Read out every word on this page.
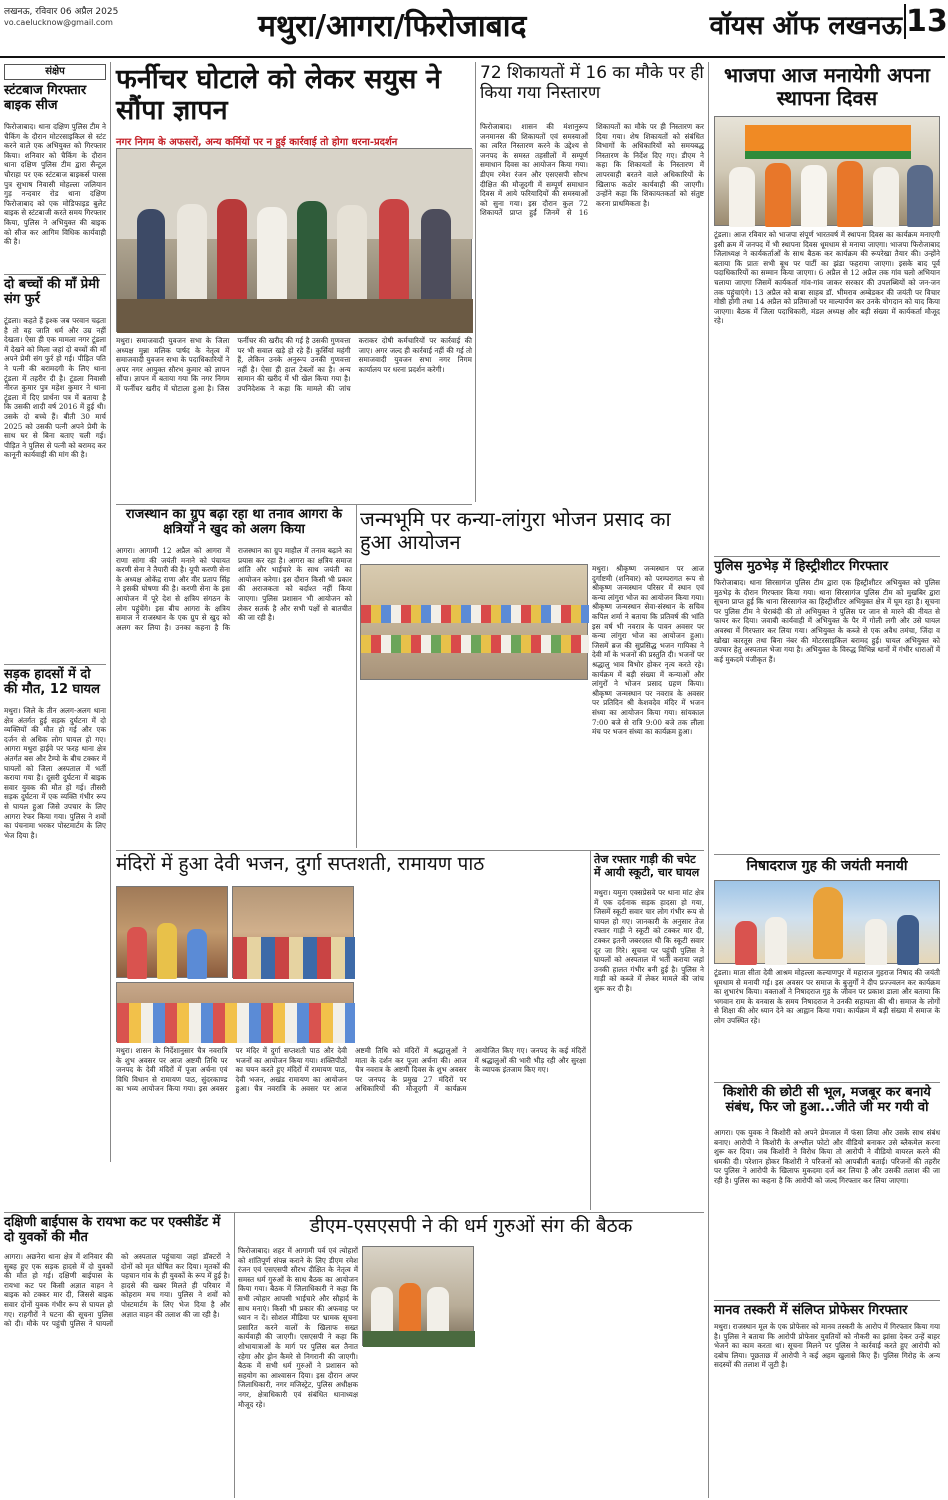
लखनऊ, रविवार 06 अप्रैल 2025
vo.caelucknow@gmail.com	मथुरा/आगरा/फिरोजाबाद	वॉयस ऑफ लखनऊ 13
संक्षेप
स्टंटबाज गिरफ्तार बाइक सीज
फिरोजाबाद। थाना दक्षिण पुलिस टीम ने चैकिंग के दौरान मोटरसाइकिल से स्टंट करने वाले एक अभियुक्त को गिरफ्तार किया। शनिवार को चैकिंग के दौरान थाना दक्षिण पुलिस टीम द्वारा सैन्टूल चौराहा पर एक स्टंटबाज बाइकर्स पारस पुत्र सुभाष निवासी मोहल्ला जलियान गुड़ नन्दवार रोड थाना दक्षिण फिरोजाबाद को एक मोडिफाइड बुलेट बाइक से स्टंटबाजी करते समय गिरफ्तार किया, पुलिस ने अभियुक्त की बाइक को सीज कर आगिम विधिक कार्यवाही की है।
दो बच्चों की माँ प्रेमी संग फुर्र
टूंडला। कहते हैं इश्क जब परवान चढ़ता है तो वह जाति धर्म और उम्र नहीं देखता। ऐसा ही एक मामला नगर टूंडला में देखने को मिला जहां दो बच्चों की माँ अपने प्रेमी संग फुर्र हो गई। पीड़ित पति ने पत्नी की बरामदगी के लिए थाना टूंडला में तहरीर दी है। टूंडला निवासी नीरज कुमार पुत्र महेश कुमार ने थाना टूंडला में दिए प्रार्थना पत्र में बताया है कि उसकी शादी वर्ष 2016 में हुई थी। उसके दो बच्चे हैं। बीती 30 मार्च 2025 को उसकी पत्नी अपने प्रेमी के साथ घर से बिना बताए चली गई। पीड़ित ने पुलिस से पत्नी को बरामद कर कानूनी कार्यवाही की मांग की है।
सड़क हादसों में दो की मौत, 12 घायल
मथुरा। जिले के तीन अलग-अलग थाना क्षेत्र अंतर्गत हुई सड़क दुर्घटना में दो व्यक्तियों की मौत हो गई और एक दर्जन से अधिक लोग घायल हो गए। आगरा मथुरा हाईवे पर फरह थाना क्षेत्र अंतर्गत बस और टैम्पो के बीच टक्कर में घायलों को जिला अस्पताल में भर्ती कराया गया है। दूसरी दुर्घटना में बाइक सवार युवक की मौत हो गई। तीसरी सड़क दुर्घटना में एक व्यक्ति गंभीर रूप से घायल हुआ जिसे उपचार के लिए आगरा रेफर किया गया। पुलिस ने शवों का पंचनामा भरकर पोस्टमार्टम के लिए भेज दिया है।
फर्नीचर घोटाले को लेकर सयुस ने सौंपा ज्ञापन
नगर निगम के अफसरों, अन्य कर्मियों पर न हुई कार्रवाई तो होगा धरना-प्रदर्शन
मथुरा। समाजवादी युवजन सभा के जिला अध्यक्ष मुन्ना मलिक पार्षद के नेतृत्व में समाजवादी युवजन सभा के पदाधिकारियों ने अपर नगर आयुक्त सौरभ कुमार को ज्ञापन सौंपा। ज्ञापन में बताया गया कि नगर निगम में फर्नीचर खरीद में घोटाला हुआ है। जिस फर्नीचर की खरीद की गई है उसकी गुणवत्ता पर भी सवाल खड़े हो रहे हैं। कुर्सियां महंगी हैं, लेकिन उनके अनुरूप उनकी गुणवत्ता नहीं है। ऐसा ही हाल टेबलों का है। अन्य सामान की खरीद में भी खेल किया गया है। उपनिदेशक ने कहा कि मामले की जांच कराकर दोषी कर्मचारियों पर कार्रवाई की जाए। अगर जल्द ही कार्रवाई नहीं की गई तो समाजवादी युवजन सभा नगर निगम कार्यालय पर धरना प्रदर्शन करेगी।
72 शिकायतों में 16 का मौके पर ही किया गया निस्तारण
फिरोजाबाद। शासन की मंशानुरूप जनमानस की शिकायतों एवं समस्याओं का त्वरित निस्तारण करने के उद्देश्य से जनपद के समस्त तहसीलों में सम्पूर्ण समाधान दिवस का आयोजन किया गया। डीएम रमेश रंजन और एसएसपी सौरभ दीक्षित की मौजूदगी में सम्पूर्ण समाधान दिवस में आये फरियादियों की समस्याओं को सुना गया। इस दौरान कुल 72 शिकायतें प्राप्त हुईं जिनमें से 16 शिकायतों का मौके पर ही निस्तारण कर दिया गया। शेष शिकायतों को संबंधित विभागों के अधिकारियों को समयबद्ध निस्तारण के निर्देश दिए गए। डीएम ने कहा कि शिकायतों के निस्तारण में लापरवाही बरतने वाले अधिकारियों के खिलाफ कठोर कार्यवाही की जाएगी। उन्होंने कहा कि शिकायतकर्ता को संतुष्ट करना प्राथमिकता है।
भाजपा आज मनायेगी अपना स्थापना दिवस
टूंडला। आज रविवार को भाजपा संपूर्ण भारतवर्ष में स्थापना दिवस का कार्यक्रम मनाएगी इसी क्रम में जनपद में भी स्थापना दिवस धूमधाम से मनाया जाएगा। भाजपा फिरोजाबाद जिलाध्यक्ष ने कार्यकर्ताओं के साथ बैठक कर कार्यक्रम की रूपरेखा तैयार की। उन्होंने बताया कि प्रातः सभी बूथ पर पार्टी का झंडा फहराया जाएगा। इसके बाद पूर्व पदाधिकारियों का सम्मान किया जाएगा। 6 अप्रैल से 12 अप्रैल तक गांव चलो अभियान चलाया जाएगा जिसमें कार्यकर्ता गांव-गांव जाकर सरकार की उपलब्धियों को जन-जन तक पहुंचाएंगे। 13 अप्रैल को बाबा साहब डॉ. भीमराव अम्बेडकर की जयंती पर विचार गोष्ठी होगी तथा 14 अप्रैल को प्रतिमाओं पर माल्यार्पण कर उनके योगदान को याद किया जाएगा। बैठक में जिला पदाधिकारी, मंडल अध्यक्ष और बड़ी संख्या में कार्यकर्ता मौजूद रहे।
पुलिस मुठभेड़ में हिस्ट्रीशीटर गिरफ्तार
फिरोजाबाद। थाना सिरसागंज पुलिस टीम द्वारा एक हिस्ट्रीशीटर अभियुक्त को पुलिस मुठभेड़ के दौरान गिरफ्तार किया गया। थाना सिरसागंज पुलिस टीम को मुखबिर द्वारा सूचना प्राप्त हुई कि थाना सिरसागंज का हिस्ट्रीशीटर अभियुक्त क्षेत्र में घूम रहा है। सूचना पर पुलिस टीम ने घेराबंदी की तो अभियुक्त ने पुलिस पर जान से मारने की नीयत से फायर कर दिया। जवाबी कार्यवाही में अभियुक्त के पैर में गोली लगी और उसे घायल अवस्था में गिरफ्तार कर लिया गया। अभियुक्त के कब्जे से एक अवैध तमंचा, जिंदा व खोखा कारतूस तथा बिना नंबर की मोटरसाइकिल बरामद हुई। घायल अभियुक्त को उपचार हेतु अस्पताल भेजा गया है। अभियुक्त के विरुद्ध विभिन्न थानों में गंभीर धाराओं में कई मुकदमे पंजीकृत हैं।
निषादराज गुह की जयंती मनायी
टूंडला। माता सीता देवी आश्रम मोहल्ला कल्याणपुर में महाराज गुहराज निषाद की जयंती धूमधाम से मनायी गई। इस अवसर पर समाज के बुजुर्गों ने दीप प्रज्ज्वलन कर कार्यक्रम का शुभारंभ किया। वक्ताओं ने निषादराज गुह के जीवन पर प्रकाश डाला और बताया कि भगवान राम के वनवास के समय निषादराज ने उनकी सहायता की थी। समाज के लोगों से शिक्षा की ओर ध्यान देने का आह्वान किया गया। कार्यक्रम में बड़ी संख्या में समाज के लोग उपस्थित रहे।
किशोरी की छोटी सी भूल, मजबूर कर बनाये संबंध, फिर जो हुआ...जीते जी मर गयी वो
आगरा। एक युवक ने किशोरी को अपने प्रेमजाल में फंसा लिया और उसके साथ संबंध बनाए। आरोपी ने किशोरी के अश्लील फोटो और वीडियो बनाकर उसे ब्लैकमेल करना शुरू कर दिया। जब किशोरी ने विरोध किया तो आरोपी ने वीडियो वायरल करने की धमकी दी। परेशान होकर किशोरी ने परिजनों को आपबीती बताई। परिजनों की तहरीर पर पुलिस ने आरोपी के खिलाफ मुकदमा दर्ज कर लिया है और उसकी तलाश की जा रही है। पुलिस का कहना है कि आरोपी को जल्द गिरफ्तार कर लिया जाएगा।
मानव तस्करी में संलिप्त प्रोफेसर गिरफ्तार
मथुरा। राजस्थान मूल के एक प्रोफेसर को मानव तस्करी के आरोप में गिरफ्तार किया गया है। पुलिस ने बताया कि आरोपी प्रोफेसर युवतियों को नौकरी का झांसा देकर उन्हें बाहर भेजने का काम करता था। सूचना मिलने पर पुलिस ने कार्रवाई करते हुए आरोपी को दबोच लिया। पूछताछ में आरोपी ने कई अहम खुलासे किए हैं। पुलिस गिरोह के अन्य सदस्यों की तलाश में जुटी है।
राजस्थान का ग्रुप बढ़ा रहा था तनाव आगरा के क्षत्रियों ने खुद को अलग किया
आगरा। आगामी 12 अप्रैल को आगरा में राणा सांगा की जयंती मनाने को पंचायत करणी सेना ने तैयारी की है। यूपी करणी सेना के अध्यक्ष ओकेंद्र राणा और वीर प्रताप सिंह ने इसकी घोषणा की है। करणी सेना के इस आयोजन में पूरे देश से क्षत्रिय संगठन के लोग पहुंचेंगे। इस बीच आगरा के क्षत्रिय समाज ने राजस्थान के एक ग्रुप से खुद को अलग कर लिया है। उनका कहना है कि राजस्थान का ग्रुप माहौल में तनाव बढ़ाने का प्रयास कर रहा है। आगरा का क्षत्रिय समाज शांति और भाईचारे के साथ जयंती का आयोजन करेगा। इस दौरान किसी भी प्रकार की अराजकता को बर्दाश्त नहीं किया जाएगा। पुलिस प्रशासन भी आयोजन को लेकर सतर्क है और सभी पक्षों से बातचीत की जा रही है।
जन्मभूमि पर कन्या-लांगुरा भोजन प्रसाद का हुआ आयोजन
मथुरा। श्रीकृष्ण जन्मस्थान पर आज दुर्गाष्टमी (शनिवार) को परम्परागत रूप से श्रीकृष्ण जन्मस्थान परिसर में स्थान एवं कन्या लांगुरा भोज का आयोजन किया गया। श्रीकृष्ण जन्मस्थान सेवा-संस्थान के सचिव कपिल शर्मा ने बताया कि प्रतिवर्ष की भांति इस वर्ष भी नवरात्र के पावन अवसर पर कन्या लांगुरा भोज का आयोजन हुआ। जिसमें ब्रज की सुप्रसिद्ध भजन गायिका ने देवी माँ के भजनों की प्रस्तुति दी। भजनों पर श्रद्धालु भाव विभोर होकर नृत्य करते रहे। कार्यक्रम में बड़ी संख्या में कन्याओं और लांगुरों ने भोजन प्रसाद ग्रहण किया। श्रीकृष्ण जन्मस्थान पर नवरात्र के अवसर पर प्रतिदिन श्री केशवदेव मंदिर में भजन संध्या का आयोजन किया गया। सांयकाल 7:00 बजे से रात्रि 9:00 बजे तक लीला मंच पर भजन संध्या का कार्यक्रम हुआ।
मंदिरों में हुआ देवी भजन, दुर्गा सप्तशती, रामायण पाठ
मथुरा। शासन के निर्देशानुसार चैत्र नवरात्रि के शुभ अवसर पर आज अष्टमी तिथि पर जनपद के देवी मंदिरों में पूजा अर्चना एवं विधि विधान से रामायण पाठ, सुंदरकाण्ड का भव्य आयोजन किया गया। इस अवसर पर मंदिर में दुर्गा सप्तशती पाठ और देवी भजनों का आयोजन किया गया। शक्तिपीठों का चयन करते हुए मंदिरों में रामायण पाठ, देवी भजन, अखंड रामायण का आयोजन हुआ। चैत्र नवरात्रि के अवसर पर आज अष्टमी तिथि को मंदिरों में श्रद्धालुओं ने माता के दर्शन कर पूजा अर्चना की। आज चैत्र नवरात्र के अष्टमी दिवस के शुभ अवसर पर जनपद के प्रमुख 27 मंदिरों पर अधिकारियों की मौजूदगी में कार्यक्रम आयोजित किए गए। जनपद के कई मंदिरों में श्रद्धालुओं की भारी भीड़ रही और सुरक्षा के व्यापक इंतजाम किए गए।
तेज रफ्तार गाड़ी की चपेट में आयी स्कूटी, चार घायल
मथुरा। यमुना एक्सप्रेसवे पर थाना मांट क्षेत्र में एक दर्दनाक सड़क हादसा हो गया, जिसमें स्कूटी सवार चार लोग गंभीर रूप से घायल हो गए। जानकारी के अनुसार तेज रफ्तार गाड़ी ने स्कूटी को टक्कर मार दी, टक्कर इतनी जबरदस्त थी कि स्कूटी सवार दूर जा गिरे। सूचना पर पहुंची पुलिस ने घायलों को अस्पताल में भर्ती कराया जहां उनकी हालत गंभीर बनी हुई है। पुलिस ने गाड़ी को कब्जे में लेकर मामले की जांच शुरू कर दी है।
दक्षिणी बाईपास के रायभा कट पर एक्सीडेंट में दो युवकों की मौत
आगरा। अछनेरा थाना क्षेत्र में शनिवार की सुबह हुए एक सड़क हादसे में दो युवकों की मौत हो गई। दक्षिणी बाईपास के रायभा कट पर किसी अज्ञात वाहन ने बाइक को टक्कर मार दी, जिससे बाइक सवार दोनों युवक गंभीर रूप से घायल हो गए। राहगीरों ने घटना की सूचना पुलिस को दी। मौके पर पहुंची पुलिस ने घायलों को अस्पताल पहुंचाया जहां डॉक्टरों ने दोनों को मृत घोषित कर दिया। मृतकों की पहचान गांव के ही युवकों के रूप में हुई है। हादसे की खबर मिलते ही परिवार में कोहराम मच गया। पुलिस ने शवों को पोस्टमार्टम के लिए भेज दिया है और अज्ञात वाहन की तलाश की जा रही है।
डीएम-एसएसपी ने की धर्म गुरुओं संग की बैठक
फिरोजाबाद। शहर में आगामी पर्व एवं त्योहारों को शांतिपूर्ण संपन्न कराने के लिए डीएम रमेश रंजन एवं एसएसपी सौरभ दीक्षित के नेतृत्व में समस्त धर्म गुरुओं के साथ बैठक का आयोजन किया गया। बैठक में जिलाधिकारी ने कहा कि सभी त्योहार आपसी भाईचारे और सौहार्द के साथ मनाएं। किसी भी प्रकार की अफवाह पर ध्यान न दें। सोशल मीडिया पर भ्रामक सूचना प्रसारित करने वालों के खिलाफ सख्त कार्यवाही की जाएगी। एसएसपी ने कहा कि शोभायात्राओं के मार्ग पर पुलिस बल तैनात रहेगा और ड्रोन कैमरे से निगरानी की जाएगी। बैठक में सभी धर्म गुरुओं ने प्रशासन को सहयोग का आश्वासन दिया। इस दौरान अपर जिलाधिकारी, नगर मजिस्ट्रेट, पुलिस अधीक्षक नगर, क्षेत्राधिकारी एवं संबंधित थानाध्यक्ष मौजूद रहे।
